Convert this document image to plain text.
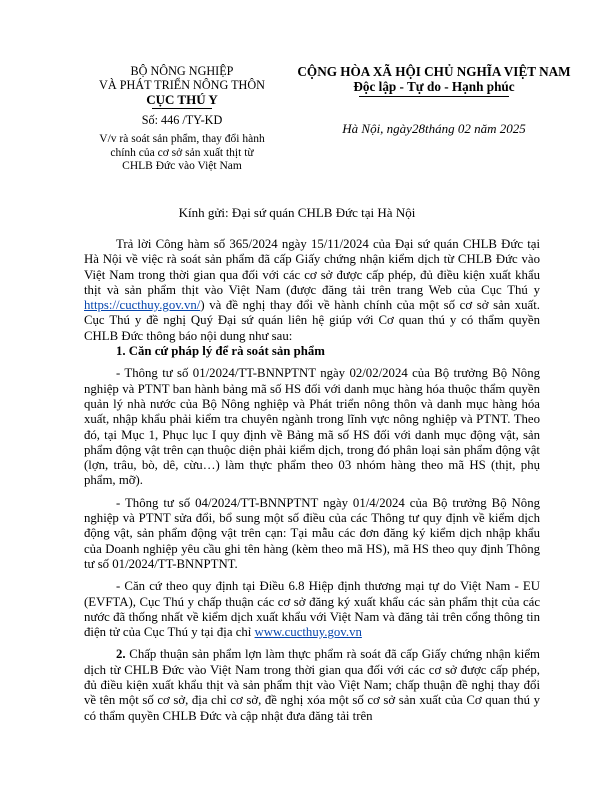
BỘ NÔNG NGHIỆP
VÀ PHÁT TRIỂN NÔNG THÔN
CỤC THÚ Y
Số: 446 /TY-KD
V/v rà soát sản phẩm, thay đổi hành
chính của cơ sở sản xuất thịt từ
CHLB Đức vào Việt Nam
CỘNG HÒA XÃ HỘI CHỦ NGHĨA VIỆT NAM
Độc lập - Tự do - Hạnh phúc
Hà Nội, ngày28tháng 02 năm 2025
Kính gửi: Đại sứ quán CHLB Đức tại Hà Nội

Trả lời Công hàm số 365/2024 ngày 15/11/2024 của Đại sứ quán CHLB Đức tại Hà Nội về việc rà soát sản phẩm đã cấp Giấy chứng nhận kiểm dịch từ CHLB Đức vào Việt Nam trong thời gian qua đối với các cơ sở được cấp phép, đủ điều kiện xuất khẩu thịt và sản phẩm thịt vào Việt Nam (được đăng tải trên trang Web của Cục Thú y https://cucthuy.gov.vn/) và đề nghị thay đổi về hành chính của một số cơ sở sản xuất. Cục Thú y đề nghị Quý Đại sứ quán liên hệ giúp với Cơ quan thú y có thẩm quyền CHLB Đức thông báo nội dung như sau:

1. Căn cứ pháp lý để rà soát sản phẩm

- Thông tư số 01/2024/TT-BNNPTNT ngày 02/02/2024 của Bộ trưởng Bộ Nông nghiệp và PTNT ban hành bảng mã số HS đối với danh mục hàng hóa thuộc thẩm quyền quản lý nhà nước của Bộ Nông nghiệp và Phát triển nông thôn và danh mục hàng hóa xuất, nhập khẩu phải kiểm tra chuyên ngành trong lĩnh vực nông nghiệp và PTNT. Theo đó, tại Mục 1, Phục lục I quy định về Bảng mã số HS đối với danh mục động vật, sản phẩm động vật trên cạn thuộc diện phải kiểm dịch, trong đó phân loại sản phẩm động vật (lợn, trâu, bò, dê, cừu…) làm thực phẩm theo 03 nhóm hàng theo mã HS (thịt, phụ phẩm, mỡ).

- Thông tư số 04/2024/TT-BNNPTNT ngày 01/4/2024 của Bộ trưởng Bộ Nông nghiệp và PTNT sửa đổi, bổ sung một số điều của các Thông tư quy định về kiểm dịch động vật, sản phẩm động vật trên cạn: Tại mẫu các đơn đăng ký kiểm dịch nhập khẩu của Doanh nghiệp yêu cầu ghi tên hàng (kèm theo mã HS), mã HS theo quy định Thông tư số 01/2024/TT-BNNPTNT.

- Căn cứ theo quy định tại Điều 6.8 Hiệp định thương mại tự do Việt Nam - EU (EVFTA), Cục Thú y chấp thuận các cơ sở đăng ký xuất khẩu các sản phẩm thịt của các nước đã thống nhất về kiểm dịch xuất khẩu với Việt Nam và đăng tải trên cổng thông tin điện tử của Cục Thú y tại địa chỉ www.cucthuy.gov.vn

2. Chấp thuận sản phẩm lợn làm thực phẩm rà soát đã cấp Giấy chứng nhận kiểm dịch từ CHLB Đức vào Việt Nam trong thời gian qua đối với các cơ sở được cấp phép, đủ điều kiện xuất khẩu thịt và sản phẩm thịt vào Việt Nam; chấp thuận đề nghị thay đổi về tên một số cơ sở, địa chỉ cơ sở, đề nghị xóa một số cơ sở sản xuất của Cơ quan thú y có thẩm quyền CHLB Đức và cập nhật đưa đăng tải trên
